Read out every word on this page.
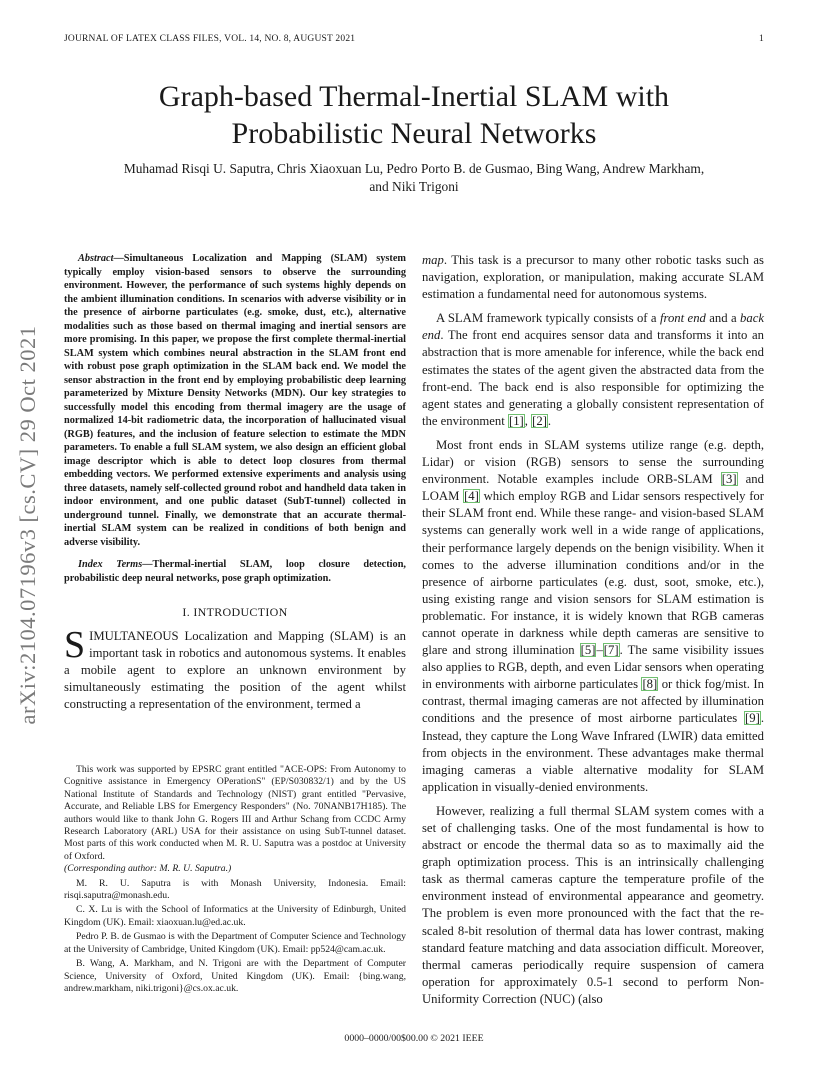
JOURNAL OF LATEX CLASS FILES, VOL. 14, NO. 8, AUGUST 2021	1
Graph-based Thermal-Inertial SLAM with
Probabilistic Neural Networks
Muhamad Risqi U. Saputra, Chris Xiaoxuan Lu, Pedro Porto B. de Gusmao, Bing Wang, Andrew Markham,
and Niki Trigoni
arXiv:2104.07196v3 [cs.CV] 29 Oct 2021

Abstract—Simultaneous Localization and Mapping (SLAM) system typically employ vision-based sensors to observe the surrounding environment. However, the performance of such systems highly depends on the ambient illumination conditions. In scenarios with adverse visibility or in the presence of airborne particulates (e.g. smoke, dust, etc.), alternative modalities such as those based on thermal imaging and inertial sensors are more promising. In this paper, we propose the first complete thermal-inertial SLAM system which combines neural abstraction in the SLAM front end with robust pose graph optimization in the SLAM back end. We model the sensor abstraction in the front end by employing probabilistic deep learning parameterized by Mixture Density Networks (MDN). Our key strategies to successfully model this encoding from thermal imagery are the usage of normalized 14-bit radiometric data, the incorporation of hallucinated visual (RGB) features, and the inclusion of feature selection to estimate the MDN parameters. To enable a full SLAM system, we also design an efficient global image descriptor which is able to detect loop closures from thermal embedding vectors. We performed extensive experiments and analysis using three datasets, namely self-collected ground robot and handheld data taken in indoor environment, and one public dataset (SubT-tunnel) collected in underground tunnel. Finally, we demonstrate that an accurate thermal-inertial SLAM system can be realized in conditions of both benign and adverse visibility.

Index Terms—Thermal-inertial SLAM, loop closure detection, probabilistic deep neural networks, pose graph optimization.

I. INTRODUCTION

SIMULTANEOUS Localization and Mapping (SLAM) is an important task in robotics and autonomous systems. It enables a mobile agent to explore an unknown environment by simultaneously estimating the position of the agent whilst constructing a representation of the environment, termed a

This work was supported by EPSRC grant entitled "ACE-OPS: From Autonomy to Cognitive assistance in Emergency OPerationS" (EP/S030832/1) and by the US National Institute of Standards and Technology (NIST) grant entitled "Pervasive, Accurate, and Reliable LBS for Emergency Responders" (No. 70NANB17H185). The authors would like to thank John G. Rogers III and Arthur Schang from CCDC Army Research Laboratory (ARL) USA for their assistance on using SubT-tunnel dataset. Most parts of this work conducted when M. R. U. Saputra was a postdoc at University of Oxford.

(Corresponding author: M. R. U. Saputra.)

M. R. U. Saputra is with Monash University, Indonesia. Email: risqi.saputra@monash.edu.

C. X. Lu is with the School of Informatics at the University of Edinburgh, United Kingdom (UK). Email: xiaoxuan.lu@ed.ac.uk.

Pedro P. B. de Gusmao is with the Department of Computer Science and Technology at the University of Cambridge, United Kingdom (UK). Email: pp524@cam.ac.uk.

B. Wang, A. Markham, and N. Trigoni are with the Department of Computer Science, University of Oxford, United Kingdom (UK). Email: {bing.wang, andrew.markham, niki.trigoni}@cs.ox.ac.uk.

map. This task is a precursor to many other robotic tasks such as navigation, exploration, or manipulation, making accurate SLAM estimation a fundamental need for autonomous systems.

A SLAM framework typically consists of a front end and a back end. The front end acquires sensor data and transforms it into an abstraction that is more amenable for inference, while the back end estimates the states of the agent given the abstracted data from the front-end. The back end is also responsible for optimizing the agent states and generating a globally consistent representation of the environment [1], [2].

Most front ends in SLAM systems utilize range (e.g. depth, Lidar) or vision (RGB) sensors to sense the surrounding environment. Notable examples include ORB-SLAM [3] and LOAM [4] which employ RGB and Lidar sensors respectively for their SLAM front end. While these range- and vision-based SLAM systems can generally work well in a wide range of applications, their performance largely depends on the benign visibility. When it comes to the adverse illumination conditions and/or in the presence of airborne particulates (e.g. dust, soot, smoke, etc.), using existing range and vision sensors for SLAM estimation is problematic. For instance, it is widely known that RGB cameras cannot operate in darkness while depth cameras are sensitive to glare and strong illumination [5]–[7]. The same visibility issues also applies to RGB, depth, and even Lidar sensors when operating in environments with airborne particulates [8] or thick fog/mist. In contrast, thermal imaging cameras are not affected by illumination conditions and the presence of most airborne particulates [9]. Instead, they capture the Long Wave Infrared (LWIR) data emitted from objects in the environment. These advantages make thermal imaging cameras a viable alternative modality for SLAM application in visually-denied environments.

However, realizing a full thermal SLAM system comes with a set of challenging tasks. One of the most fundamental is how to abstract or encode the thermal data so as to maximally aid the graph optimization process. This is an intrinsically challenging task as thermal cameras capture the temperature profile of the environment instead of environmental appearance and geometry. The problem is even more pronounced with the fact that the re-scaled 8-bit resolution of thermal data has lower contrast, making standard feature matching and data association difficult. Moreover, thermal cameras periodically require suspension of camera operation for approximately 0.5-1 second to perform Non-Uniformity Correction (NUC) (also

0000–0000/00$00.00 © 2021 IEEE
